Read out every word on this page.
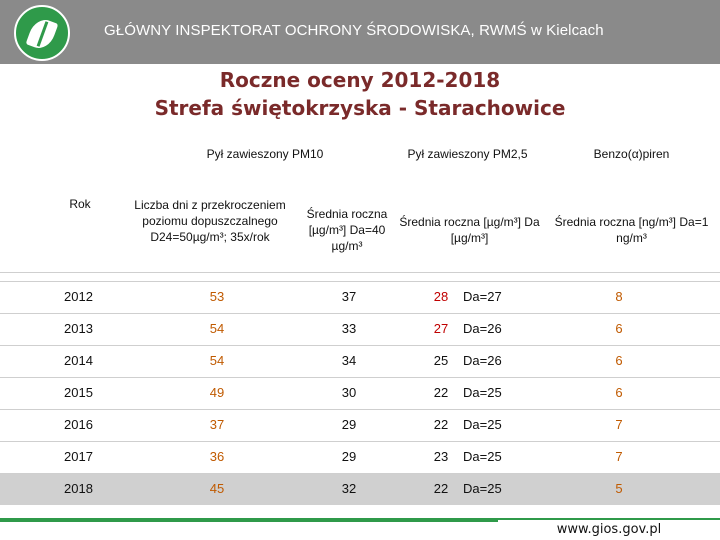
GŁÓWNY INSPEKTORAT OCHRONY ŚRODOWISKA, RWMŚ w Kielcach
Roczne oceny 2012-2018
Strefa świętokrzyska - Starachowice
Pył zawieszony PM10	Pył zawieszony PM2,5	Benzo(α)piren
Rok	Liczba dni z przekroczeniem poziomu dopuszczalnego D24=50µg/m³; 35x/rok
Średnia roczna [µg/m³] Da=40 µg/m³
Średnia roczna [µg/m³] Da [µg/m³]
Średnia roczna [ng/m³] Da=1 ng/m³
2012	53	37	28	Da=27	8
2013	54	33	27	Da=26	6
2014	54	34	25	Da=26	6
2015	49	30	22	Da=25	6
2016	37	29	22	Da=25	7
2017	36	29	23	Da=25	7
2018	45	32	22	Da=25	5
www.gios.gov.pl
